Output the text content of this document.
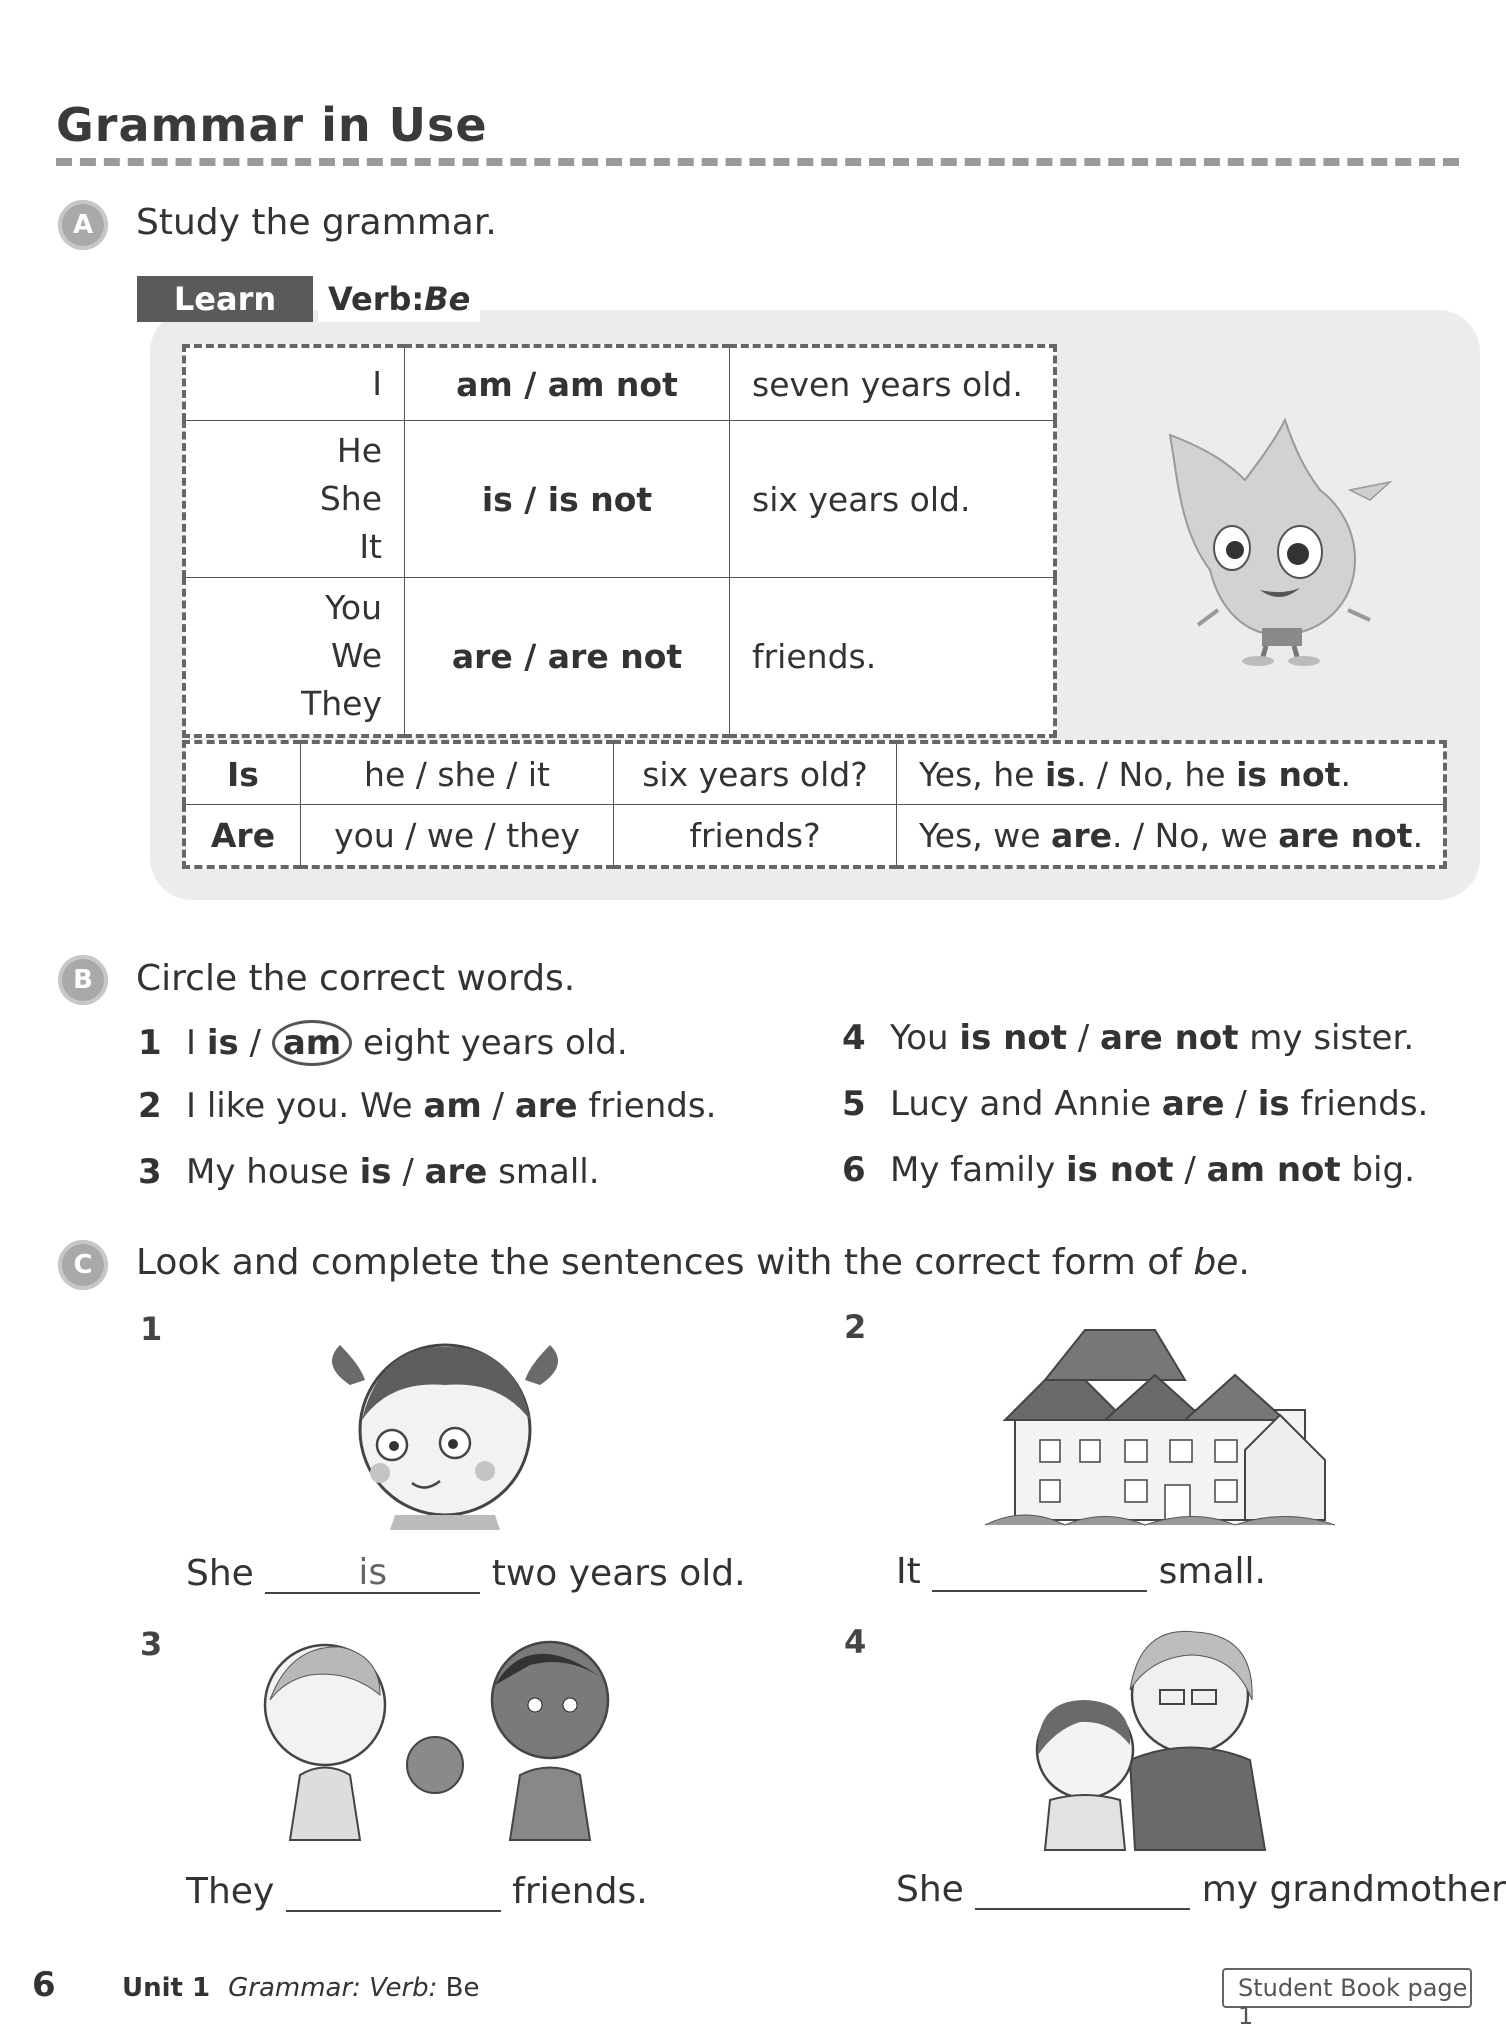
Grammar in Use
A	Study the grammar.
Learn	Verb:Be
I	am / am not	seven years old.
He
She
It	is / is not	six years old.
You
We
They	are / are not	friends.
Is	he / she / it	six years old?	Yes, he is. / No, he is not.
Are	you / we / they	friends?	Yes, we are. / No, we are not.
B	Circle the correct words.
1 I is / am eight years old.
2 I like you. We am / are friends.
3 My house is / are small.
4 You is not / are not my sister.
5 Lucy and Annie are / is friends.
6 My family is not / am not big.
C	Look and complete the sentences with the correct form of be.
1
She	is	two years old.
2
It	small.
3
They	friends.
4
She	my grandmother
6	Unit 1 Grammar: Verb: Be	Student Book page 1
